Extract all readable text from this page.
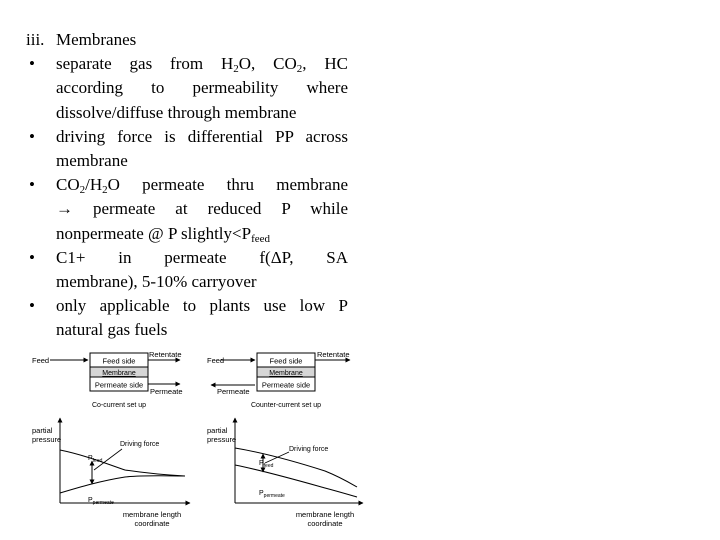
iii. Membranes
• separate gas from $H_2O$, $CO_2$, HC
according to permeability where
dissolve/diffuse through membrane
• driving force is differential PP across
membrane
• $CO_2/H_2O$ permeate thru membrane
→ permeate at reduced P while
nonpermeate @ P $slightly<P_{feed}$
• C1+ in permeate f(ΔP, SA
membrane), 5-10% carryover
• only applicable to plants use low P
natural gas fuels
Feed side
Membrane
Permeate side
Feed
Retentate
Permeate
Co-current set up
partial pressure
Driving force
$P_{feed}$
$P_{permeate}$
membrane length coordinate
Feed side
Membrane
Permeate side
Feed
Retentate
Permeate
Counter-current set up
partial pressure
Driving force
$P_{feed}$
$P_{permeate}$
membrane length coordinate
